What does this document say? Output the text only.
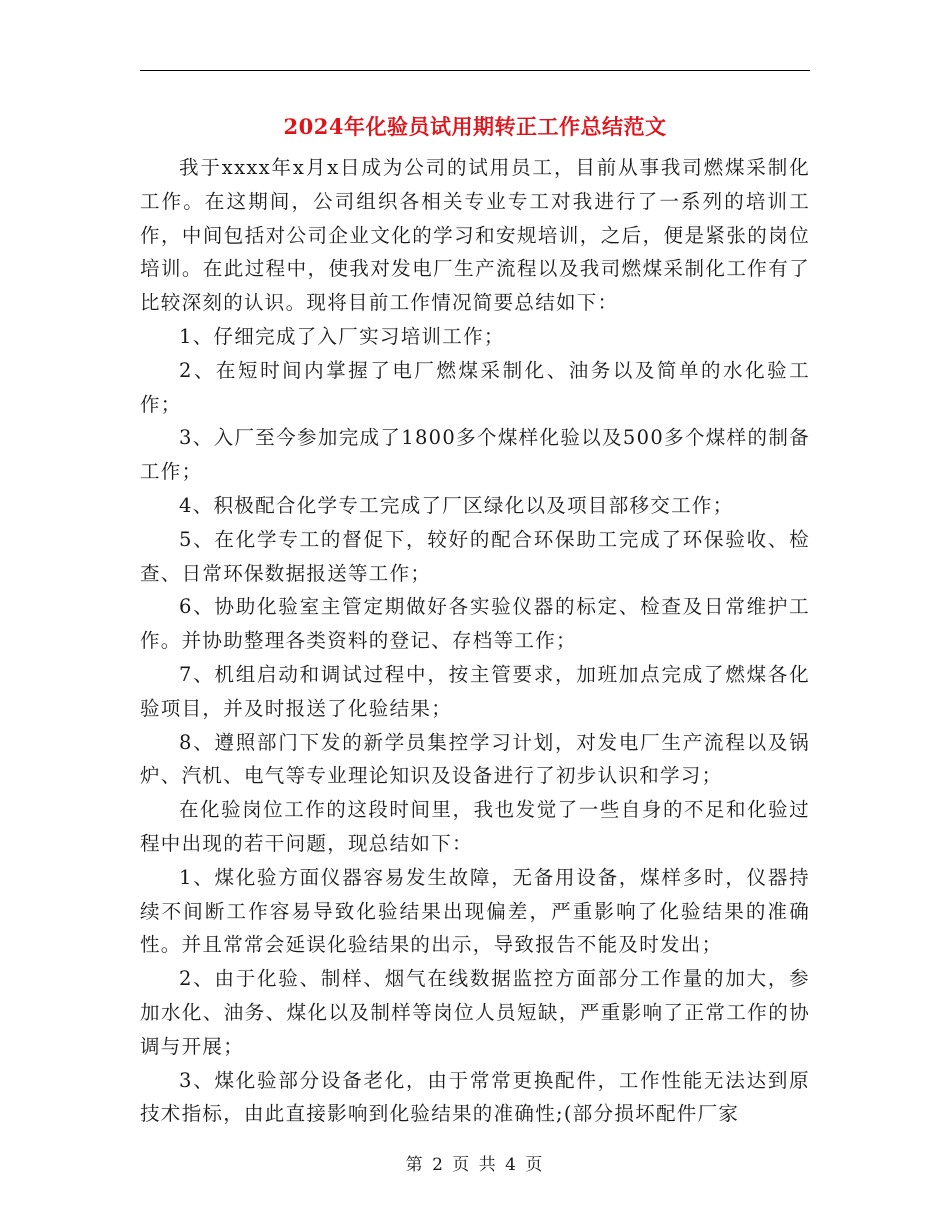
2024年化验员试用期转正工作总结范文

我于xxxx年x月x日成为公司的试用员工，目前从事我司燃煤采制化工作。在这期间，公司组织各相关专业专工对我进行了一系列的培训工作，中间包括对公司企业文化的学习和安规培训，之后，便是紧张的岗位培训。在此过程中，使我对发电厂生产流程以及我司燃煤采制化工作有了比较深刻的认识。现将目前工作情况简要总结如下：

1、仔细完成了入厂实习培训工作；

2、在短时间内掌握了电厂燃煤采制化、油务以及简单的水化验工作；

3、入厂至今参加完成了1800多个煤样化验以及500多个煤样的制备工作；

4、积极配合化学专工完成了厂区绿化以及项目部移交工作；

5、在化学专工的督促下，较好的配合环保助工完成了环保验收、检查、日常环保数据报送等工作；

6、协助化验室主管定期做好各实验仪器的标定、检查及日常维护工作。并协助整理各类资料的登记、存档等工作；

7、机组启动和调试过程中，按主管要求，加班加点完成了燃煤各化验项目，并及时报送了化验结果；

8、遵照部门下发的新学员集控学习计划，对发电厂生产流程以及锅炉、汽机、电气等专业理论知识及设备进行了初步认识和学习；

在化验岗位工作的这段时间里，我也发觉了一些自身的不足和化验过程中出现的若干问题，现总结如下：

1、煤化验方面仪器容易发生故障，无备用设备，煤样多时，仪器持续不间断工作容易导致化验结果出现偏差，严重影响了化验结果的准确性。并且常常会延误化验结果的出示，导致报告不能及时发出；

2、由于化验、制样、烟气在线数据监控方面部分工作量的加大，参加水化、油务、煤化以及制样等岗位人员短缺，严重影响了正常工作的协调与开展；

3、煤化验部分设备老化，由于常常更换配件，工作性能无法达到原技术指标，由此直接影响到化验结果的准确性;(部分损坏配件厂家

第 2 页 共 4 页
